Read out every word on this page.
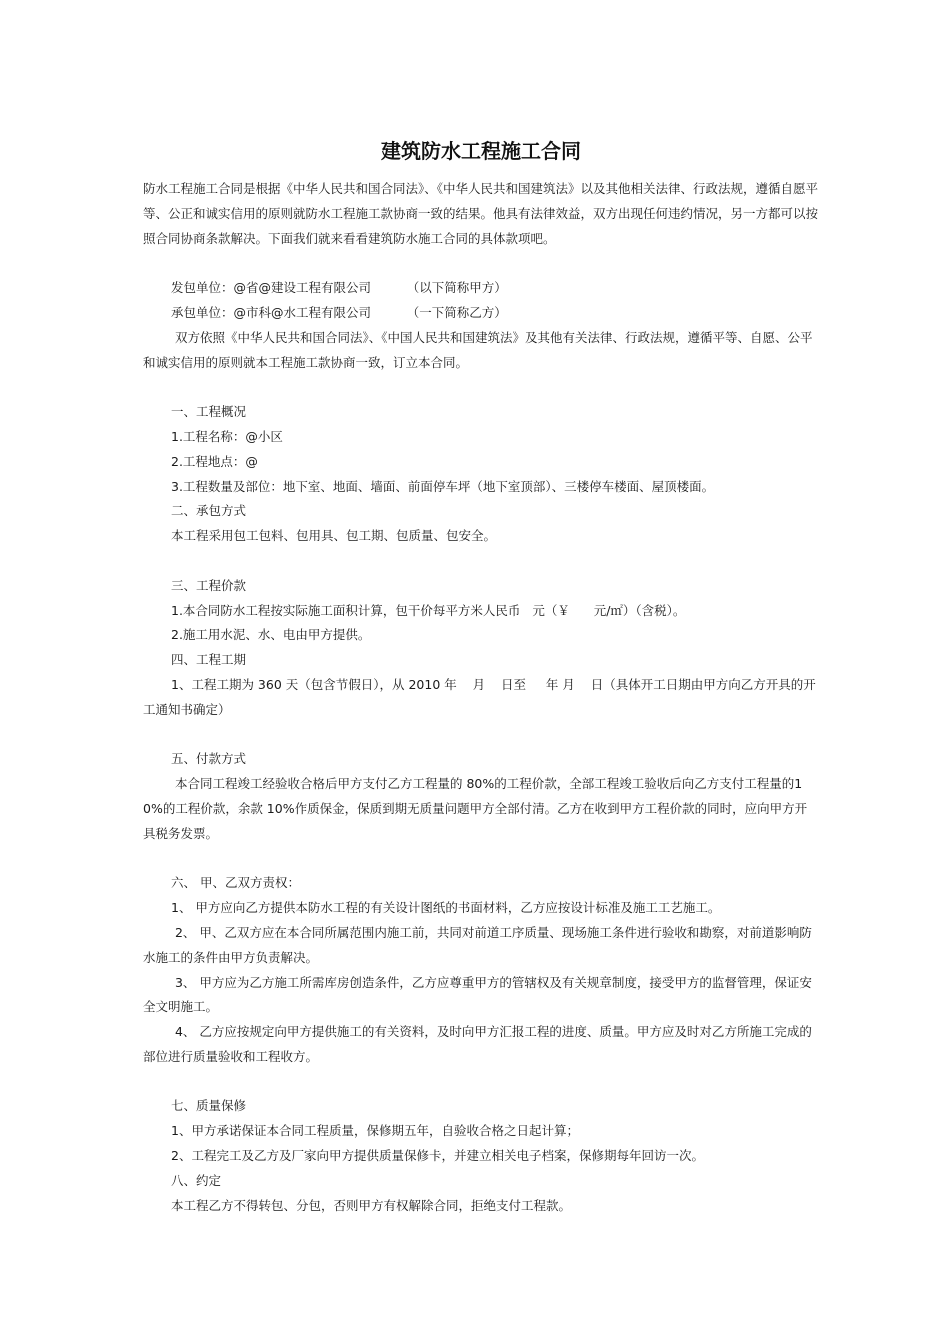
建筑防水工程施工合同

防水工程施工合同是根据《中华人民共和国合同法》、《中华人民共和国建筑法》以及其他相关法律、行政法规，遵循自愿平等、公正和诚实信用的原则就防水工程施工款协商一致的结果。他具有法律效益，双方出现任何违约情况，另一方都可以按照合同协商条款解决。下面我们就来看看建筑防水施工合同的具体款项吧。

发包单位：@省@建设工程有限公司         （以下简称甲方）

承包单位：@市科@水工程有限公司         （一下简称乙方）

双方依照《中华人民共和国合同法》、《中国人民共和国建筑法》及其他有关法律、行政法规，遵循平等、自愿、公平和诚实信用的原则就本工程施工款协商一致，订立本合同。

一、工程概况

1.工程名称：@小区

2.工程地点：@

3.工程数量及部位：地下室、地面、墙面、前面停车坪（地下室顶部）、三楼停车楼面、屋顶楼面。

二、承包方式

本工程采用包工包料、包用具、包工期、包质量、包安全。

三、工程价款

1.本合同防水工程按实际施工面积计算，包干价每平方米人民币   元（￥      元/㎡）（含税）。

2.施工用水泥、水、电由甲方提供。

四、工程工期

1、工程工期为 360 天（包含节假日），从 2010 年    月    日至     年 月    日（具体开工日期由甲方向乙方开具的开工通知书确定）

五、付款方式

本合同工程竣工经验收合格后甲方支付乙方工程量的 80%的工程价款，全部工程竣工验收后向乙方支付工程量的10%的工程价款，余款 10%作质保金，保质到期无质量问题甲方全部付清。乙方在收到甲方工程价款的同时，应向甲方开具税务发票。

六、 甲、乙双方责权：

1、 甲方应向乙方提供本防水工程的有关设计图纸的书面材料，乙方应按设计标准及施工工艺施工。

2、 甲、乙双方应在本合同所属范围内施工前，共同对前道工序质量、现场施工条件进行验收和勘察，对前道影响防水施工的条件由甲方负责解决。

3、 甲方应为乙方施工所需库房创造条件，乙方应尊重甲方的管辖权及有关规章制度，接受甲方的监督管理，保证安全文明施工。

4、 乙方应按规定向甲方提供施工的有关资料，及时向甲方汇报工程的进度、质量。甲方应及时对乙方所施工完成的部位进行质量验收和工程收方。

七、质量保修

1、甲方承诺保证本合同工程质量，保修期五年，自验收合格之日起计算；

2、工程完工及乙方及厂家向甲方提供质量保修卡，并建立相关电子档案，保修期每年回访一次。

八、约定

本工程乙方不得转包、分包，否则甲方有权解除合同，拒绝支付工程款。
